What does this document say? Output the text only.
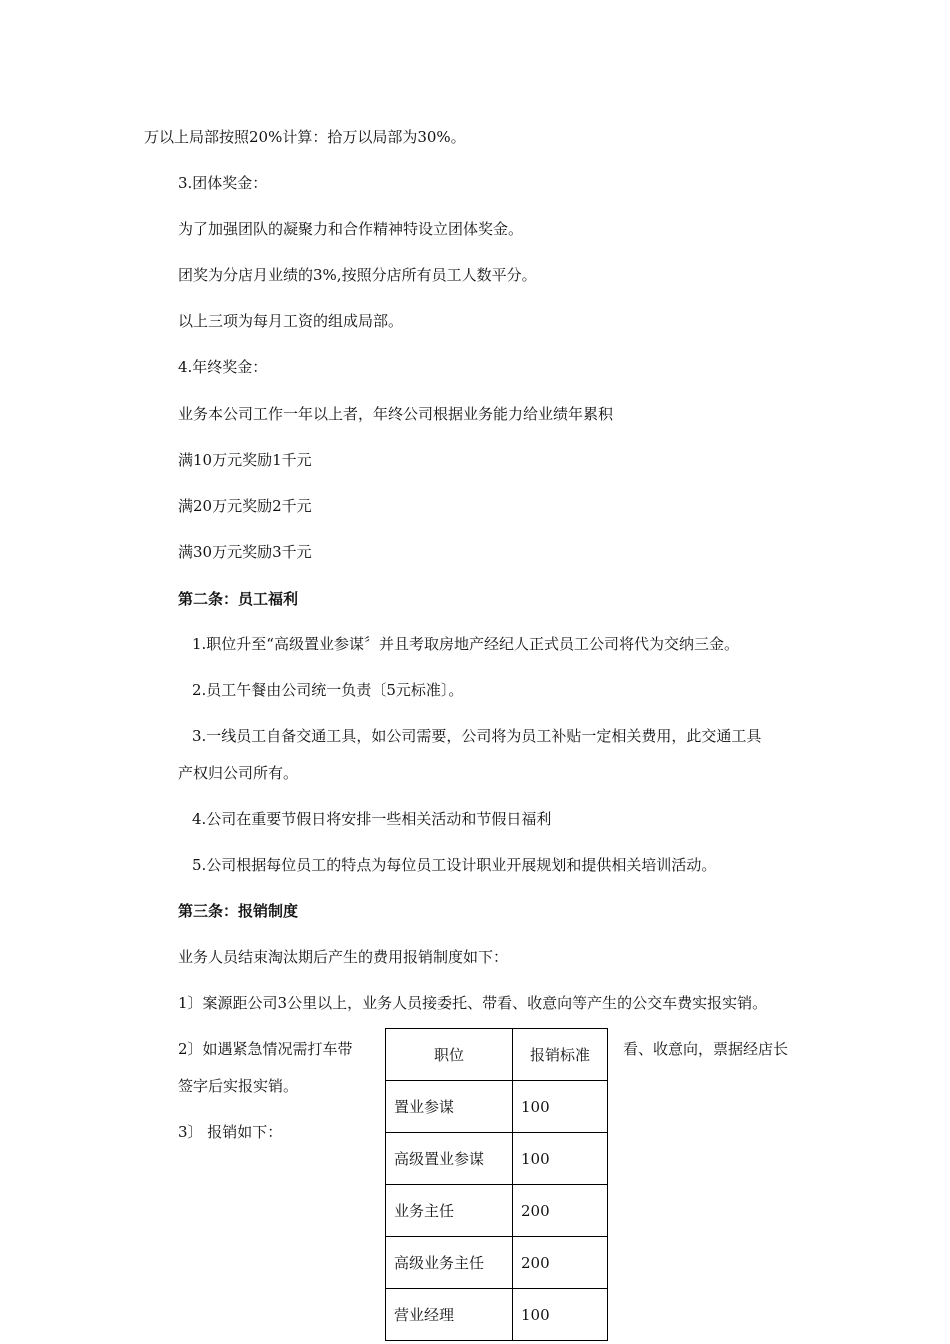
万以上局部按照20%计算：拾万以局部为30%。
3.团体奖金：
为了加强团队的凝聚力和合作精神特设立团体奖金。
团奖为分店月业绩的3%,按照分店所有员工人数平分。
以上三项为每月工资的组成局部。
4.年终奖金：
业务本公司工作一年以上者，年终公司根据业务能力给业绩年累积
满10万元奖励1千元
满20万元奖励2千元
满30万元奖励3千元
第二条：员工福利
1.职位升至“高级置业参谋〞并且考取房地产经纪人正式员工公司将代为交纳三金。
2.员工午餐由公司统一负责〔5元标准〕。
3.一线员工自备交通工具，如公司需要，公司将为员工补贴一定相关费用，此交通工具
产权归公司所有。
4.公司在重要节假日将安排一些相关活动和节假日福利
5.公司根据每位员工的特点为每位员工设计职业开展规划和提供相关培训活动。
第三条：报销制度
业务人员结束淘汰期后产生的费用报销制度如下：
1〕案源距公司3公里以上，业务人员接委托、带看、收意向等产生的公交车费实报实销。
2〕如遇紧急情况需打车带	看、收意向，票据经店长
签字后实报实销。
3〕 报销如下：
职位	报销标准
置业参谋	100
高级置业参谋	100
业务主任	200
高级业务主任	200
营业经理	100
